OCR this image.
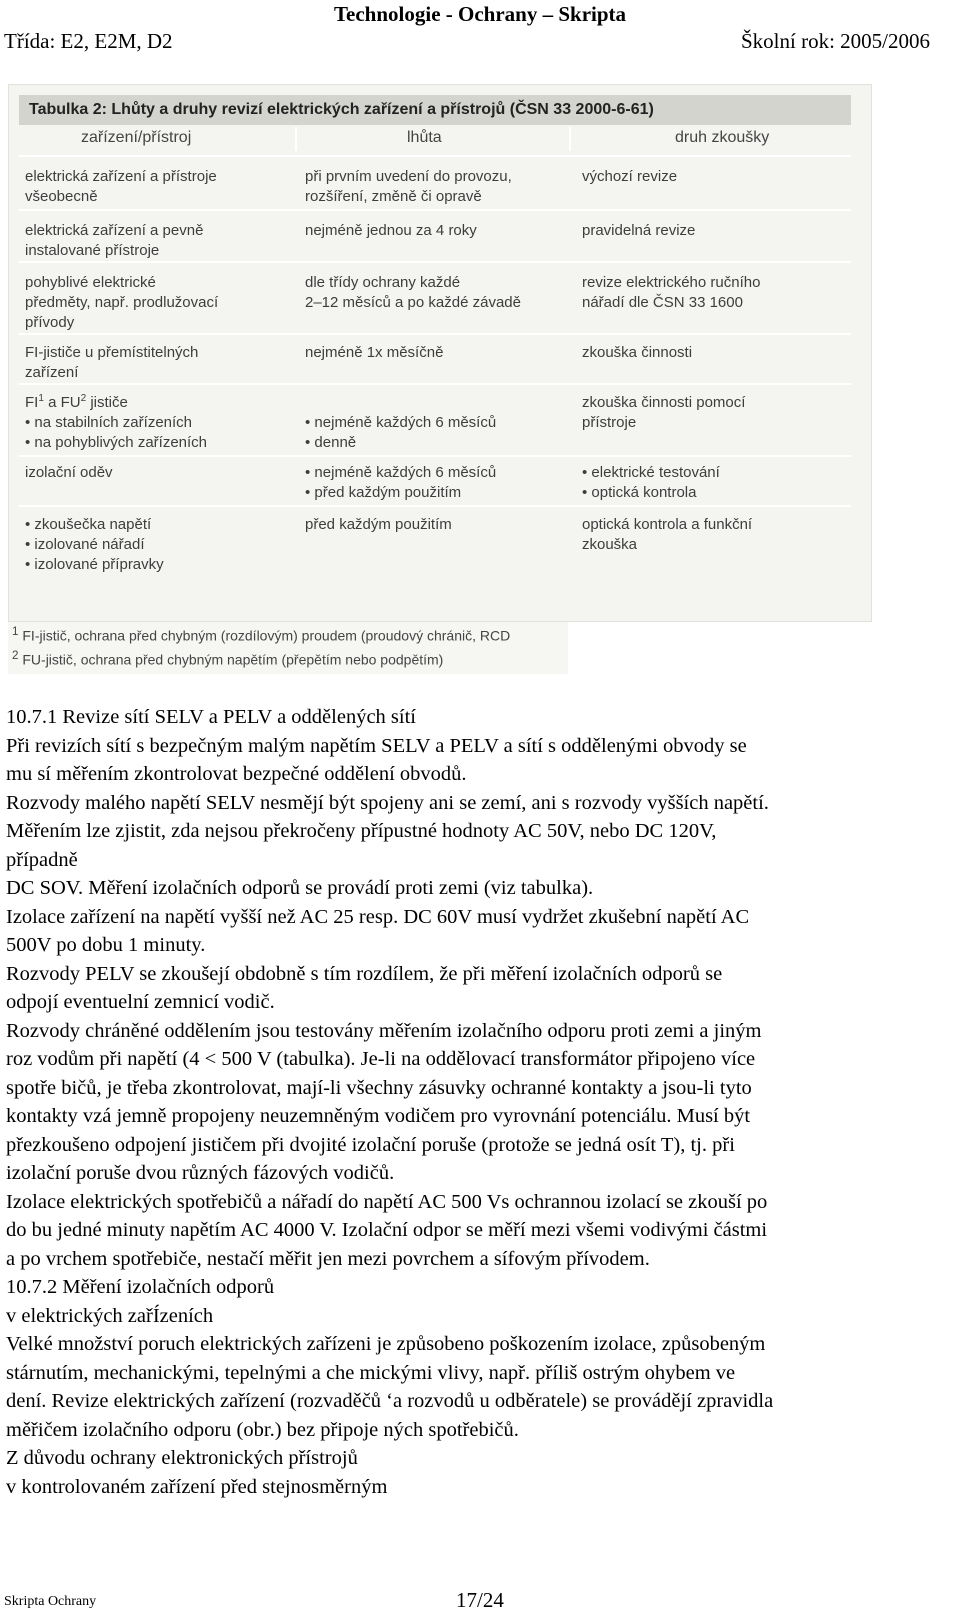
Technologie - Ochrany – Skripta
Třída: E2, E2M, D2	Školní rok: 2005/2006
Tabulka 2: Lhůty a druhy revizí elektrických zařízení a přístrojů (ČSN 33 2000-6-61)
zařízení/přístroj	lhůta	druh zkoušky
elektrická zařízení a přístroje
všeobecně
při prvním uvedení do provozu,
rozšíření, změně či opravě
výchozí revize
elektrická zařízení a pevně
instalované přístroje
nejméně jednou za 4 roky	pravidelná revize
pohyblivé elektrické
předměty, např. prodlužovací
přívody
dle třídy ochrany každé
2–12 měsíců a po každé závadě
revize elektrického ručního
nářadí dle ČSN 33 1600
FI-jističe u přemístitelných
zařízení
nejméně 1x měsíčně	zkouška činnosti
$FI^1$ a $FU^2$ jističe
• na stabilních zařízeních
• na pohyblivých zařízeních
• nejméně každých 6 měsíců
• denně
zkouška činnosti pomocí
přístroje
izolační oděv
•	nejméně každých 6 měsíců
• před každým použitím
• elektrické testování
• optická kontrola
• zkoušečka napětí
• izolované nářadí
• izolované přípravky
před každým použitím	optická kontrola a funkční
zkouška
$^1$ FI-jistič, ochrana před chybným (rozdílovým) proudem (proudový chránič, RCD
$^2$ FU-jistič, ochrana před chybným napětím (přepětím nebo podpětím)

10.7.1 Revize sítí SELV a PELV a oddělených sítí

Při revizích sítí s bezpečným malým napětím SELV a PELV a sítí s oddělenými obvody se

mu sí měřením zkontrolovat bezpečné oddělení obvodů.

Rozvody malého napětí SELV nesmějí být spojeny ani se zemí, ani s rozvody vyšších napětí.

Měřením lze zjistit, zda nejsou překročeny přípustné hodnoty AC 50V, nebo DC 120V,

případně

DC SOV. Měření izolačních odporů se provádí proti zemi (viz tabulka).

Izolace zařízení na napětí vyšší než AC 25 resp. DC 60V musí vydržet zkušební napětí AC

500V po dobu 1 minuty.

Rozvody PELV se zkoušejí obdobně s tím rozdílem, že při měření izolačních odporů se

odpojí eventuelní zemnicí vodič.

Rozvody chráněné oddělením jsou testovány měřením izolačního odporu proti zemi a jiným

roz vodům při napětí (4 < 500 V (tabulka). Je-li na oddělovací transformátor připojeno více

spotře bičů, je třeba zkontrolovat, mají-li všechny zásuvky ochranné kontakty a jsou-li tyto

kontakty vzá jemně propojeny neuzemněným vodičem pro vyrovnání potenciálu. Musí být

přezkoušeno odpojení jističem při dvojité izolační poruše (protože se jedná osít T), tj. při

izolační poruše dvou různých fázových vodičů.

Izolace elektrických spotřebičů a nářadí do napětí AC 500 Vs ochrannou izolací se zkouší po

do bu jedné minuty napětím AC 4000 V. Izolační odpor se měří mezi všemi vodivými částmi

a po vrchem spotřebiče, nestačí měřit jen mezi povrchem a sífovým přívodem.

10.7.2 Měření izolačních odporů

v elektrických zařÍzeních

Velké množství poruch elektrických zařízeni je způsobeno poškozením izolace, způsobeným

stárnutím, mechanickými, tepelnými a che mickými vlivy, např. příliš ostrým ohybem ve

dení. Revize elektrických zařízení (rozvaděčů ‘a rozvodů u odběratele) se provádějí zpravidla

měřičem izolačního odporu (obr.) bez připoje ných spotřebičů.

Z důvodu ochrany elektronických přístrojů

v kontrolovaném zařízení před stejnosměrným

Skripta Ochrany	17/24
